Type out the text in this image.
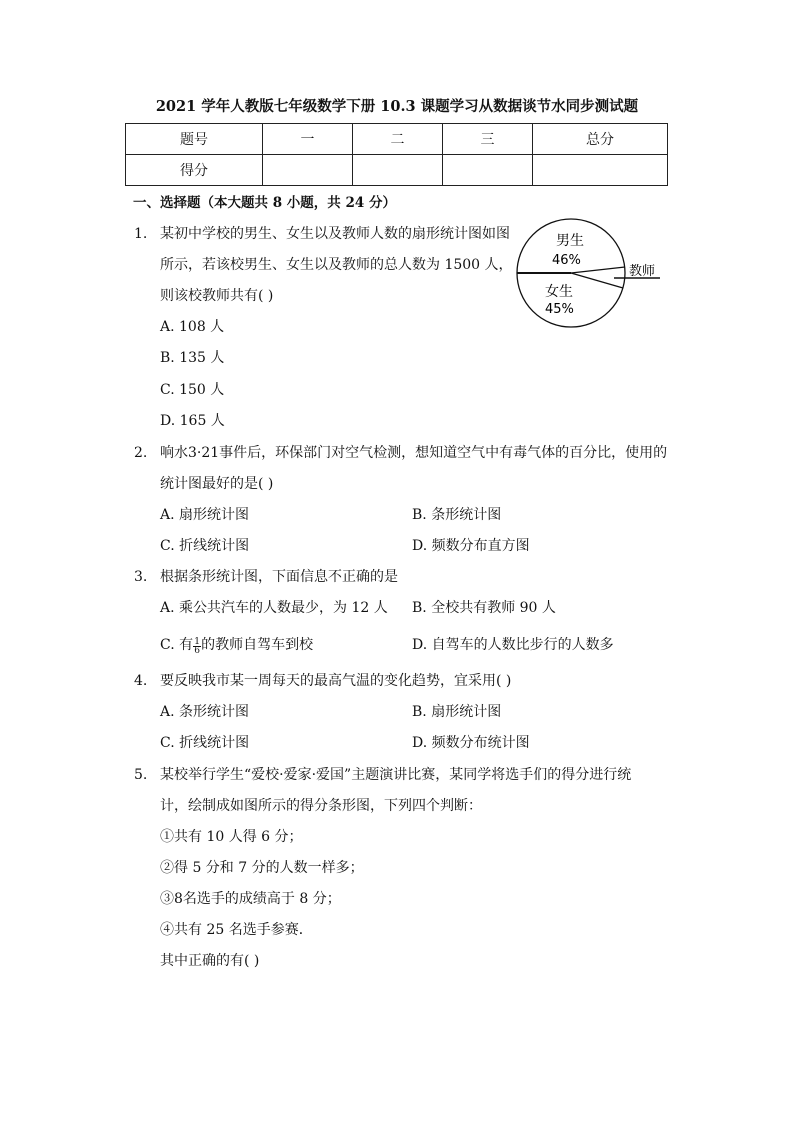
2021 学年人教版七年级数学下册 10.3 课题学习从数据谈节水同步测试题
题号	一	二	三	总分
得分				
一、选择题（本大题共 8 小题，共 24 分）
1. 某初中学校的男生、女生以及教师人数的扇形统计图如图
所示，若该校男生、女生以及教师的总人数为 1500 人，
则该校教师共有( )
A. 108 人
B. 135 人
C. 150 人
D. 165 人
男生
46%
女生
45%
教师
2. 响水3·21事件后，环保部门对空气检测，想知道空气中有毒气体的百分比，使用的
统计图最好的是( )
A. 扇形统计图	B. 条形统计图
C. 折线统计图	D. 频数分布直方图
3. 根据条形统计图，下面信息不正确的是
A. 乘公共汽车的人数最少，为 12 人 B. 全校共有教师 90 人
C. 有 $\frac{1}{6}$ 的教师自驾车到校	D. 自驾车的人数比步行的人数多
4. 要反映我市某一周每天的最高气温的变化趋势，宜采用( )
A. 条形统计图	B. 扇形统计图
C. 折线统计图	D. 频数分布统计图
5. 某校举行学生“爱校·爱家·爱国”主题演讲比赛，某同学将选手们的得分进行统
计，绘制成如图所示的得分条形图，下列四个判断：
①共有 10 人得 6 分；
②得 5 分和 7 分的人数一样多；
③8名选手的成绩高于 8 分；
④共有 25 名选手参赛．
其中正确的有( )
